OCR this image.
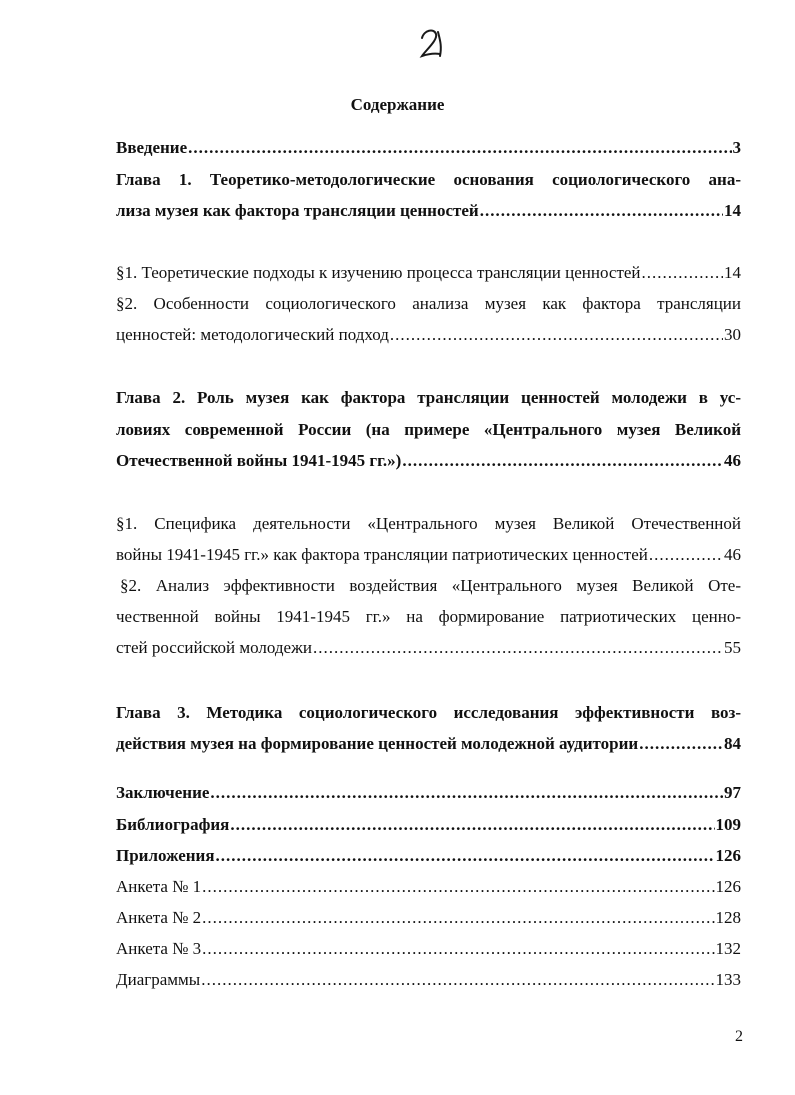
Содержание
Введение .....	3
Глава 1. Теоретико-методологические основания социологического ана-
лиза музея как фактора трансляции ценностей .....	14
§1. Теоретические подходы к изучению процесса трансляции ценностей .....	14
§2. Особенности социологического анализа музея как фактора трансляции
ценностей: методологический подход .....	30
Глава 2. Роль музея как фактора трансляции ценностей молодежи в ус-
ловиях современной России (на примере «Центрального музея Великой
Отечественной войны 1941-1945 гг.») .....	46
§1. Специфика деятельности «Центрального музея Великой Отечественной
войны 1941-1945 гг.» как фактора трансляции патриотических ценностей .....	46
§2. Анализ эффективности воздействия «Центрального музея Великой Оте-
чественной войны 1941-1945 гг.» на формирование патриотических ценно-
стей российской молодежи .....	55
Глава 3. Методика социологического исследования эффективности воз-
действия музея на формирование ценностей молодежной аудитории .....	84
Заключение .....	97
Библиография .....	109
Приложения .....	126
Анкета № 1 .....	126
Анкета № 2 .....	128
Анкета № 3 .....	132
Диаграммы .....	133
2
